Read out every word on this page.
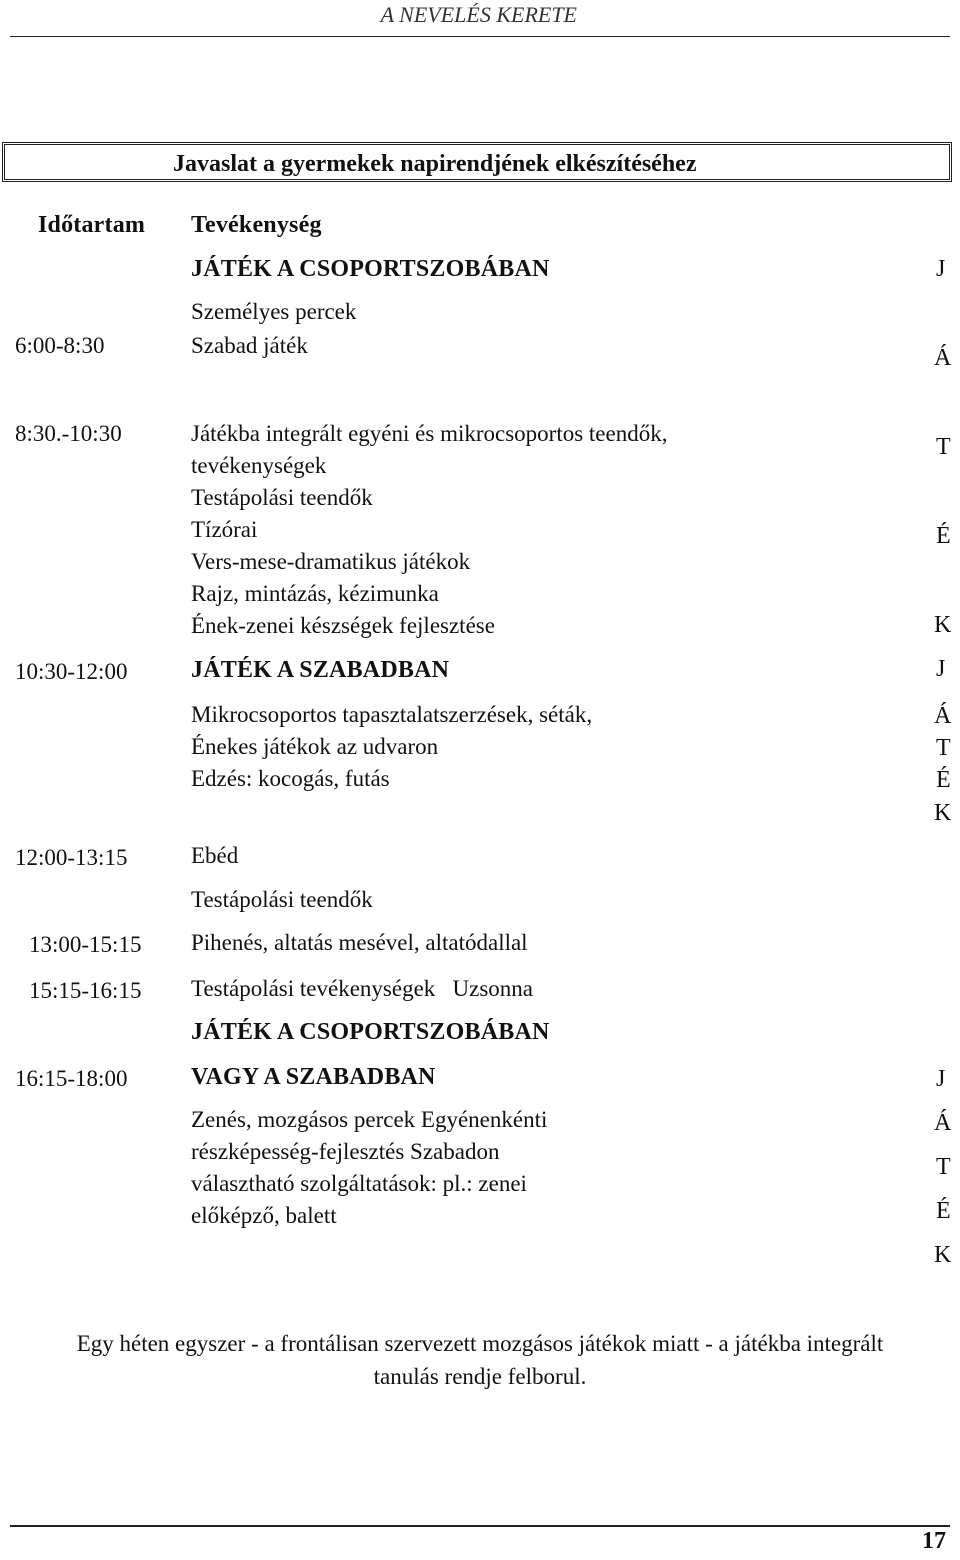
A NEVELÉS KERETE
Javaslat a gyermekek napirendjének elkészítéséhez
Időtartam Tevékenység
JÁTÉK A CSOPORTSZOBÁBAN
Személyes percek
6:00-8:30	Szabad játék
8:30.-10:30	Játékba integrált egyéni és mikrocsoportos teendők,
tevékenységek
Testápolási teendők
Tízórai
Vers-mese-dramatikus játékok
Rajz, mintázás, kézimunka
Ének-zenei készségek fejlesztése
10:30-12:00	JÁTÉK A SZABADBAN
Mikrocsoportos tapasztalatszerzések, séták,
Énekes játékok az udvaron
Edzés: kocogás, futás
12:00-13:15	Ebéd
Testápolási teendők
13:00-15:15 Pihenés, altatás mesével, altatódallal
15:15-16:15 Testápolási tevékenységek   Uzsonna
JÁTÉK A CSOPORTSZOBÁBAN
16:15-18:00	VAGY A SZABADBAN
Zenés, mozgásos percek Egyénenkénti
részképesség-fejlesztés Szabadon
választható szolgáltatások: pl.: zenei
előképző, balett
J
Á
T
É
K
J
Á
T
É
K
J
Á
T
É
K
Egy héten egyszer - a frontálisan szervezett mozgásos játékok miatt - a játékba integrált
tanulás rendje felborul.
17
